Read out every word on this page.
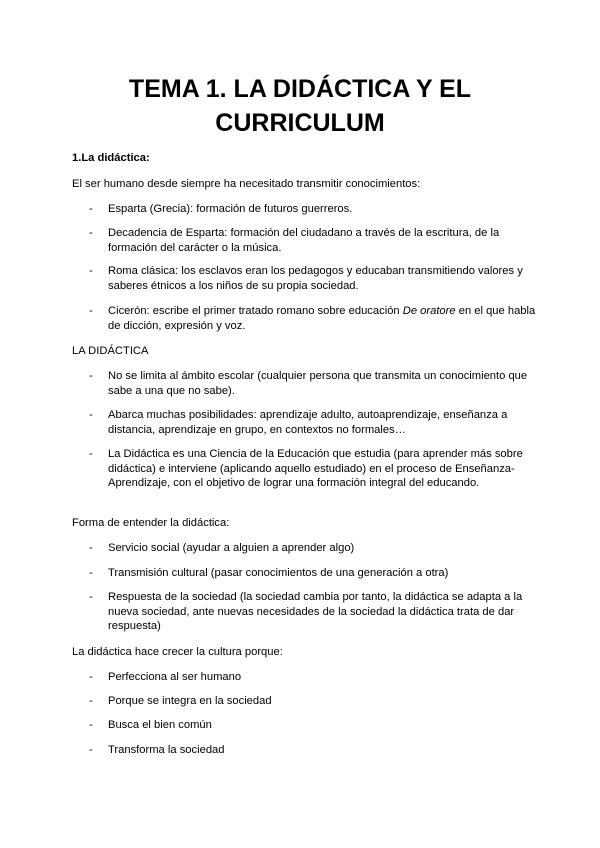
TEMA 1. LA DIDÁCTICA Y EL
CURRICULUM

1.La didáctica:

El ser humano desde siempre ha necesitado transmitir conocimientos:

- Esparta (Grecia): formación de futuros guerreros.
- Decadencia de Esparta: formación del ciudadano a través de la escritura, de la formación del carácter o la música.
- Roma clásica: los esclavos eran los pedagogos y educaban transmitiendo valores y saberes étnicos a los niños de su propia sociedad.
- Cicerón: escribe el primer tratado romano sobre educación De oratore en el que habla de dicción, expresión y voz.

LA DIDÁCTICA

- No se limita al ámbito escolar (cualquier persona que transmita un conocimiento que sabe a una que no sabe).
- Abarca muchas posibilidades: aprendizaje adulto, autoaprendizaje, enseñanza a distancia, aprendizaje en grupo, en contextos no formales…
- La Didáctica es una Ciencia de la Educación que estudia (para aprender más sobre didáctica) e interviene (aplicando aquello estudiado) en el proceso de Enseñanza-Aprendizaje, con el objetivo de lograr una formación integral del educando.

Forma de entender la didáctica:

- Servicio social (ayudar a alguien a aprender algo)
- Transmisión cultural (pasar conocimientos de una generación a otra)
- Respuesta de la sociedad (la sociedad cambia por tanto, la didáctica se adapta a la nueva sociedad, ante nuevas necesidades de la sociedad la didáctica trata de dar respuesta)

La didáctica hace crecer la cultura porque:

- Perfecciona al ser humano
- Porque se integra en la sociedad
- Busca el bien común
- Transforma la sociedad
